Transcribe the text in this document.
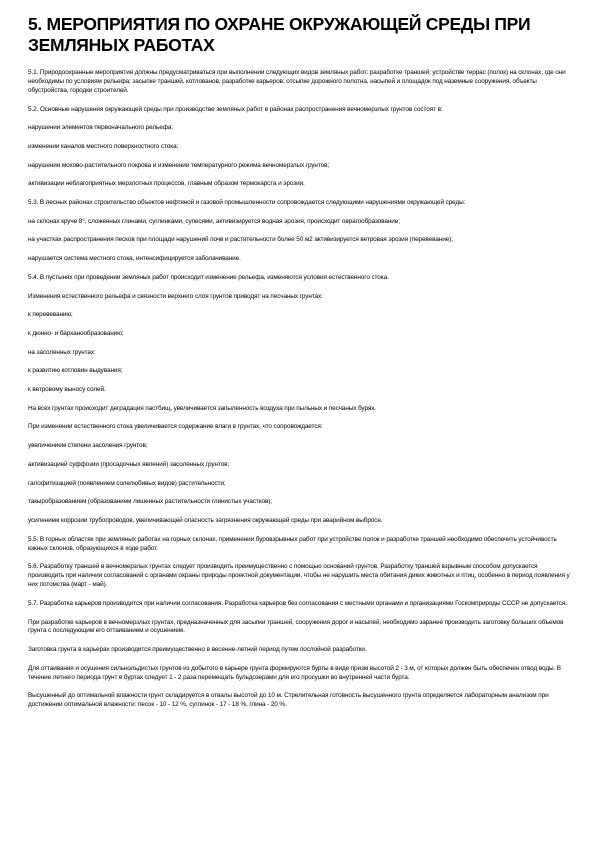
5. МЕРОПРИЯТИЯ ПО ОХРАНЕ ОКРУЖАЮЩЕЙ СРЕДЫ ПРИ ЗЕМЛЯНЫХ РАБОТАХ

5.1. Природоохранные мероприятия должны предусматриваться при выполнении следующих видов земляных работ: разработке траншей; устройстве террас (полок) на склонах, где они необходимы по условиям рельефа; засыпке траншей, котлованов, разработке карьеров; отсыпке дорожного полотна, насыпей и площадок под наземные сооружения, объекты обустройства, городки строителей.

5.2. Основные нарушения окружающей среды при производстве земляных работ в районах распространения вечномерзлых грунтов состоят в:

нарушении элементов первоначального рельефа;

изменении каналов местного поверхностного стока;

нарушении мохово-растительного покрова и изменении температурного режима вечномерзлых грунтов;

активизации неблагоприятных мерзлотных процессов, главным образом термокарста и эрозии.

5.3. В лесных районах строительство объектов нефтяной и газовой промышленности сопровождается следующими нарушениями окружающей среды:

на склонах круче 8°, сложенных глинами, суглинками, супесями, активизируется водная эрозия, происходит оврагообразование;

на участках распространения песков при площади нарушений почв и растительности более 50 м2 активизируется ветровая эрозия (перевевание);

нарушается система местного стока, интенсифицируется заболачивание.

5.4. В пустынях при проведении земляных работ происходит изменение рельефа, изменяются условия естественного стока.

Изменения естественного рельефа и связности верхнего слоя грунтов приводят на песчаных грунтах:

к перевеванию;

к дюнно- и барханообразованию;

на засоленных грунтах:

к развитию котловин выдувания;

к ветровому выносу солей.

На всех грунтах происходит деградация пастбищ, увеличивается запыленность воздуха при пыльных и песчаных бурях.

При изменении естественного стока увеличивается содержание влаги в грунтах, что сопровождается:

увеличением степени засоления грунтов;

активизацией суффозии (просадочных явлений) засоленных грунтов;

галофитизацией (появлением солелюбивых видов) растительности;

такыробразованием (образованием лишенных растительности глинистых участков);

усилением коррозии трубопроводов, увеличивающей опасность загрязнения окружающей среды при аварийном выбросе.

5.5. В горных областях при земляных работах на горных склонах, применении буровзрывных работ при устройстве полок и разработке траншей необходимо обеспечить устойчивость южных склонов, образующихся в ходе работ.

5.6. Разработку траншей в вечномерзлых грунтах следует производить преимущественно с помощью оснований грунтов. Разработку траншей взрывным способом допускается производить при наличии согласований с органами охраны природы проектной документации, чтобы не нарушить места обитания диких животных и птиц, особенно в период появления у них потомства (март - май).

5.7. Разработка карьеров производится при наличии согласования. Разработка карьеров без согласования с местными органами и организациями Госкомприроды СССР не допускается.

При разработке карьеров в вечномерзлых грунтах, предназначенных для засыпки траншей, сооружения дорог и насыпей, необходимо заранее производить заготовку больших объемов грунта с последующим его оттаиванием и осушением.

Заготовка грунта в карьерах производится преимущественно в весенне-летний период путем послойной разработки.

Для оттаивания и осушения сильнольдистых грунтов из добытого в карьере грунта формируются бурты в виде призм высотой 2 - 3 м, от которых должен быть обеспечен отвод воды. В течение летнего периода грунт в буртах следует 1 - 2 раза перемещать бульдозерами для его просушки во внутренней части бурта.

Высушенный до оптимальной влажности грунт складируется в отвалы высотой до 10 м. Стрелительная готовность высушенного грунта определяется лабораторным анализом при достижении оптимальной влажности: песок - 10 - 12 %, суглинок - 17 - 18 %, глина - 20 %.
